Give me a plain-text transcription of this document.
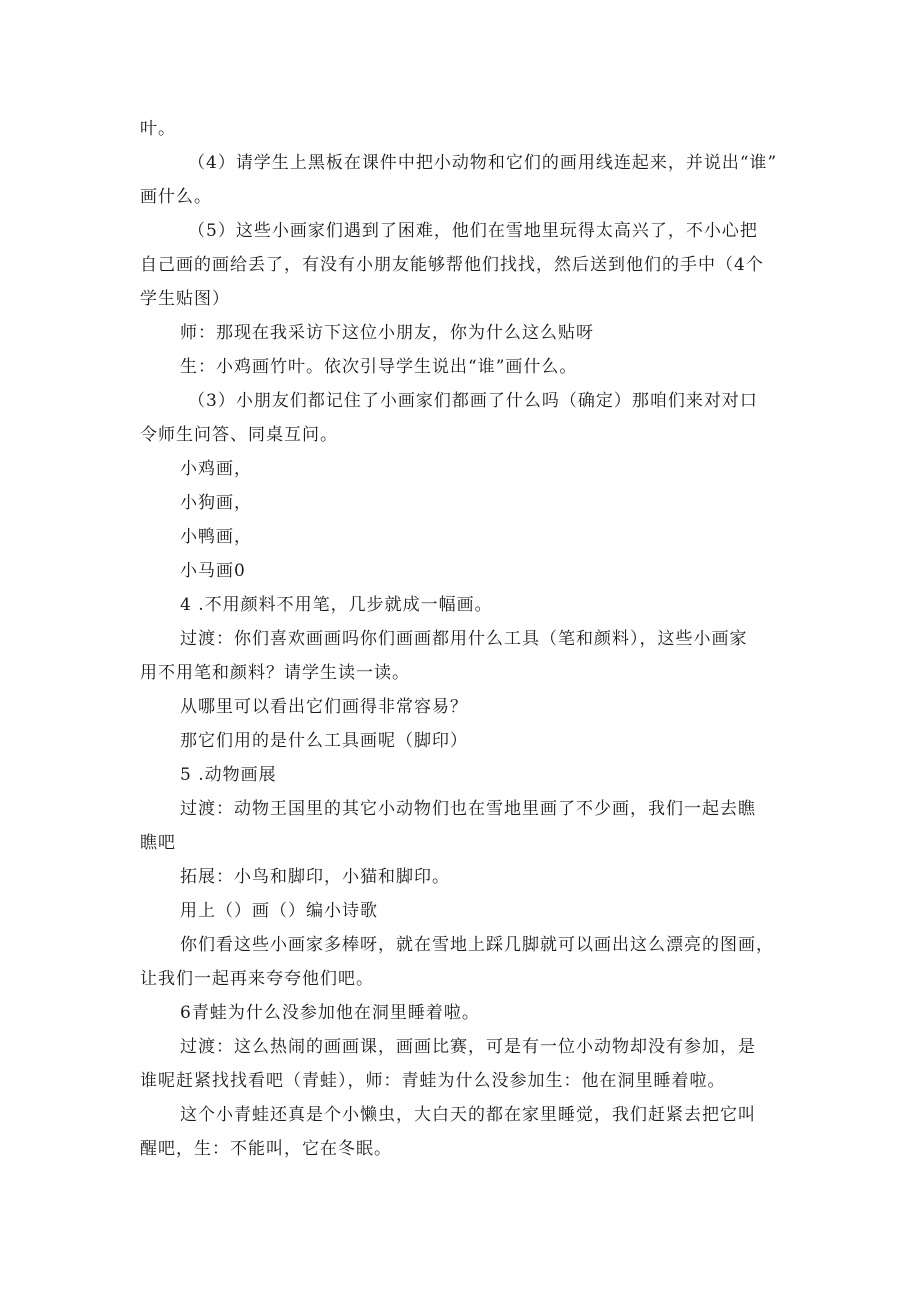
叶。
（4）请学生上黑板在课件中把小动物和它们的画用线连起来，并说出“谁”
画什么。
（5）这些小画家们遇到了困难，他们在雪地里玩得太高兴了，不小心把
自己画的画给丢了，有没有小朋友能够帮他们找找，然后送到他们的手中（4个
学生贴图）
师：那现在我采访下这位小朋友，你为什么这么贴呀
生：小鸡画竹叶。依次引导学生说出“谁”画什么。
（3）小朋友们都记住了小画家们都画了什么吗（确定）那咱们来对对口
令师生问答、同桌互问。
小鸡画，
小狗画，
小鸭画，
小马画0
4 .不用颜料不用笔，几步就成一幅画。
过渡：你们喜欢画画吗你们画画都用什么工具（笔和颜料），这些小画家
用不用笔和颜料？请学生读一读。
从哪里可以看出它们画得非常容易？
那它们用的是什么工具画呢（脚印）
5 .动物画展
过渡：动物王国里的其它小动物们也在雪地里画了不少画，我们一起去瞧
瞧吧
拓展：小鸟和脚印，小猫和脚印。
用上（）画（）编小诗歌
你们看这些小画家多棒呀，就在雪地上踩几脚就可以画出这么漂亮的图画，
让我们一起再来夸夸他们吧。
6青蛙为什么没参加他在洞里睡着啦。
过渡：这么热闹的画画课，画画比赛，可是有一位小动物却没有参加，是
谁呢赶紧找找看吧（青蛙），师：青蛙为什么没参加生：他在洞里睡着啦。
这个小青蛙还真是个小懒虫，大白天的都在家里睡觉，我们赶紧去把它叫
醒吧，生：不能叫，它在冬眠。
